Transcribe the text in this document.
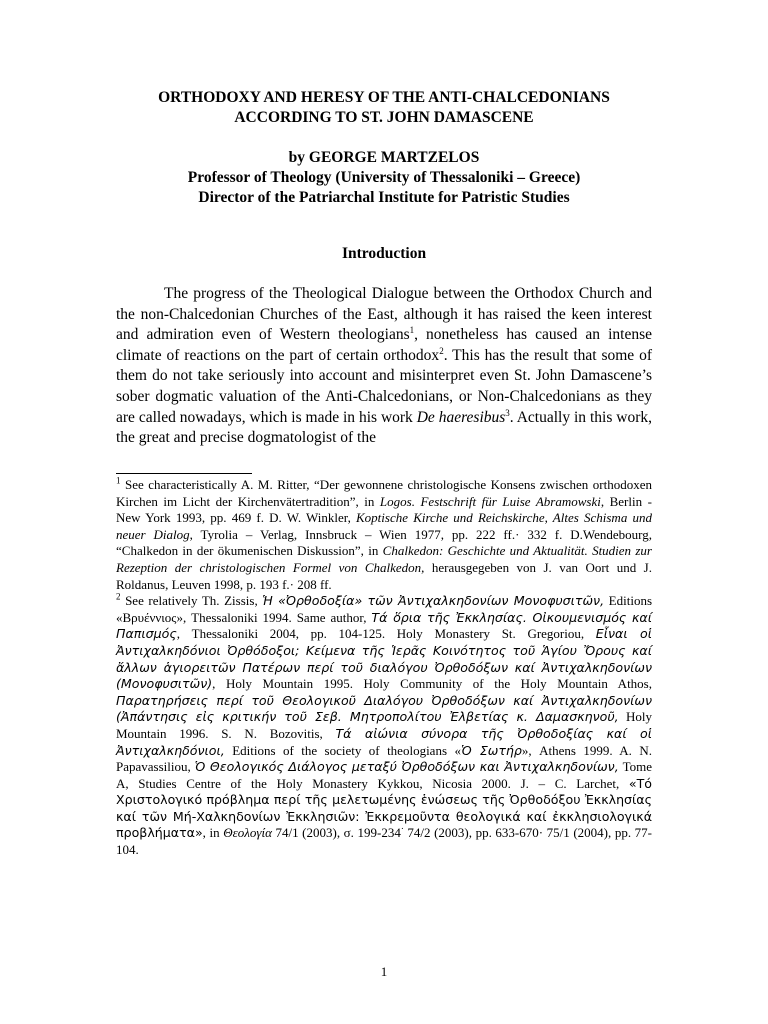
ORTHODOXY AND HERESY OF THE ANTI-CHALCEDONIANS
ACCORDING TO ST. JOHN DAMASCENE
by GEORGE MARTZELOS
Professor of Theology (University of Thessaloniki – Greece)
Director of the Patriarchal Institute for Patristic Studies
Introduction

The progress of the Theological Dialogue between the Orthodox Church and the non-Chalcedonian Churches of the East, although it has raised the keen interest and admiration even of Western theologians$^1$, nonetheless has caused an intense climate of reactions on the part of certain orthodox$^2$. This has the result that some of them do not take seriously into account and misinterpret even St. John Damascene’s sober dogmatic valuation of the Anti-Chalcedonians, or Non-Chalcedonians as they are called nowadays, which is made in his work De haeresibus$^3$. Actually in this work, the great and precise dogmatologist of the

$^1$ See characteristically A. M. Ritter, “Der gewonnene christologische Konsens zwischen orthodoxen Kirchen im Licht der Kirchenvätertradition”, in Logos. Festschrift für Luise Abramowski, Berlin - New York 1993, pp. 469 f. D. W. Winkler, Koptische Kirche und Reichskirche, Altes Schisma und neuer Dialog, Tyrolia – Verlag, Innsbruck – Wien 1977, pp. 222 ff.· 332 f. D.Wendebourg, “Chalkedon in der ökumenischen Diskussion”, in Chalkedon: Geschichte und Aktualität. Studien zur Rezeption der christologischen Formel von Chalkedon, herausgegeben von J. van Oort und J. Roldanus, Leuven 1998, p. 193 f.· 208 ff.

$^2$ See relatively Th. Zissis, Ἡ «Ὀρθοδοξία» τῶν Ἀντιχαλκηδονίων Μονοφυσιτῶν, Editions «Βρυέννιος», Thessaloniki 1994. Same author, Τά ὅρια τῆς Ἐκκλησίας. Οἰκουμενισμός καί Παπισμός, Thessaloniki 2004, pp. 104-125. Holy Monastery St. Gregoriou, Εἶναι οἱ Ἀντιχαλκηδόνιοι Ὀρθόδοξοι; Κείμενα τῆς Ἱερᾶς Κοινότητος τοῦ Ἁγίου Ὄρους καί ἄλλων ἁγιορειτῶν Πατέρων περί τοῦ διαλόγου Ὀρθοδόξων καί Ἀντιχαλκηδονίων (Μονοφυσιτῶν), Holy Mountain 1995. Holy Community of the Holy Mountain Athos, Παρατηρήσεις περί τοῦ Θεολογικοῦ Διαλόγου Ὀρθοδόξων καί Ἀντιχαλκηδονίων (Ἀπάντησις εἰς κριτικήν τοῦ Σεβ. Μητροπολίτου Ἐλβετίας κ. Δαμασκηνοῦ, Holy Mountain 1996. S. N. Bozovitis, Τά αἰώνια σύνορα τῆς Ὀρθοδοξίας καί οἱ Ἀντιχαλκηδόνιοι, Editions of the society of theologians «Ὁ Σωτήρ», Athens 1999. A. N. Papavassiliou, Ὁ Θεολογικός Διάλογος μεταξύ Ὀρθοδόξων και Ἀντιχαλκηδονίων, Tome A, Studies Centre of the Holy Monastery Kykkou, Nicosia 2000. J. – C. Larchet, «Τό Χριστολογικό πρόβλημα περί τῆς μελετωμένης ἑνώσεως τῆς Ὀρθοδόξου Ἐκκλησίας καί τῶν Μή-Χαλκηδονίων Ἐκκλησιῶν: Ἐκκρεμοῦντα θεολογικά καί ἐκκλησιολογικά προβλήματα», in Θεολογία 74/1 (2003), σ. 199-234· 74/2 (2003), pp. 633-670· 75/1 (2004), pp. 77-104.

1
